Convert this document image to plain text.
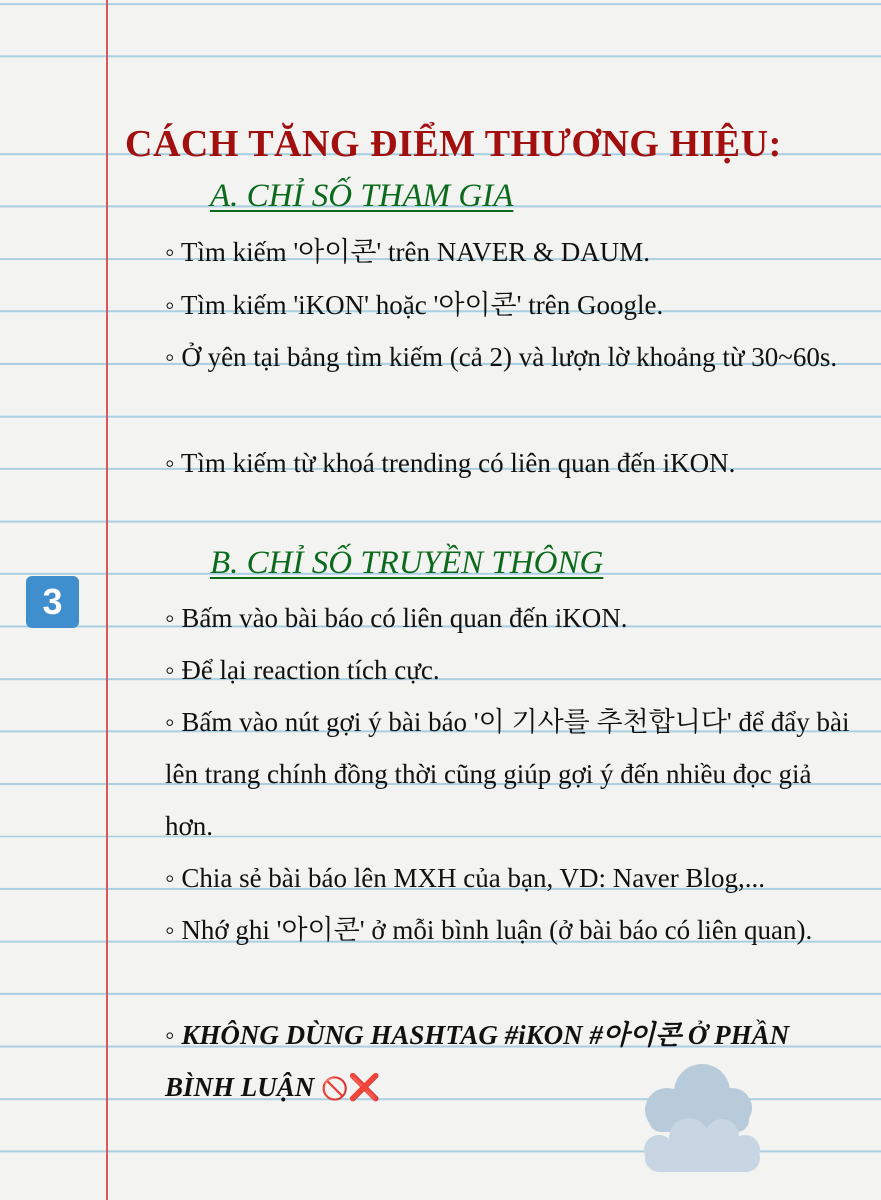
3
CÁCH TĂNG ĐIỂM THƯƠNG HIỆU:
A. CHỈ SỐ THAM GIA
◦ Tìm kiếm '아이콘' trên NAVER & DAUM.
◦ Tìm kiếm 'iKON' hoặc '아이콘' trên Google.
◦ Ở yên tại bảng tìm kiếm (cả 2) và lượn lờ khoảng từ 30~60s.
◦ Tìm kiếm từ khoá trending có liên quan đến iKON.
B. CHỈ SỐ TRUYỀN THÔNG
◦ Bấm vào bài báo có liên quan đến iKON.
◦ Để lại reaction tích cực.
◦ Bấm vào nút gợi ý bài báo '이 기사를 추천합니다' để đẩy bài lên trang chính đồng thời cũng giúp gợi ý đến nhiều đọc giả hơn.
◦ Chia sẻ bài báo lên MXH của bạn, VD: Naver Blog,...
◦ Nhớ ghi '아이콘' ở mỗi bình luận (ở bài báo có liên quan).
◦ KHÔNG DÙNG HASHTAG #iKON #아이콘 Ở PHẦN BÌNH LUẬN 🚫❌
